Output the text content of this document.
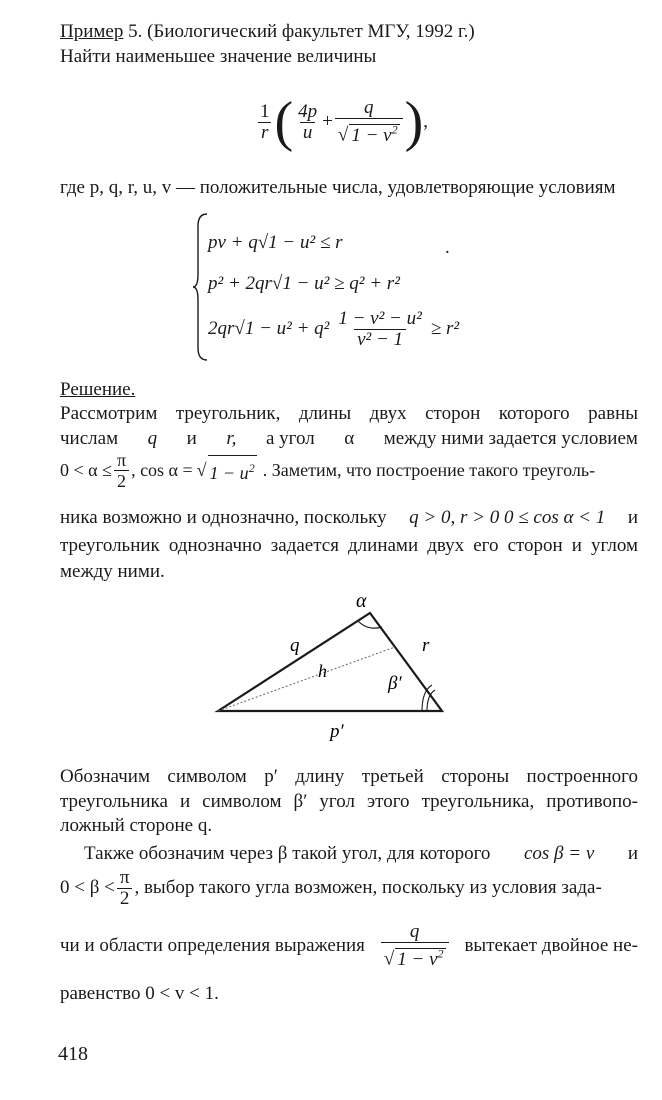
Пример 5. (Биологический факультет МГУ, 1992 г.)
Найти наименьшее значение величины
$\frac{1}{r}$ ( $\frac{4p}{u} + \frac{q}{√ 1 - v^2}$ ) ,
где p, q, r, u, v — положительные числа, удовлетворяющие условиям
pv + q√1 − u² ≤ r
p² + 2qr√1 − u² ≥ q² + r²
$2qr√1 - u^2 + q^2 \frac{\text{1 − v² − u²}}{\text{v² − 1}} \ge r^2$
.
Решение.
Рассмотрим треугольник, длины двух сторон которого равны
числам q и r, а угол α между ними задается условием
$0 < \alpha \le \frac{\pi}{2}$ , cos α = √ $1 - u^2$ . Заметим, что построение такого треуголь-
ника возможно и однозначно, поскольку q > 0, r > 0 0 ≤ cos α < 1 и
треугольник однозначно задается длинами двух его сторон и углом
между ними.
α
q	r
h
β′
p′
Обозначим символом p′ длину третьей стороны построенного
треугольника и символом β′ угол этого треугольника, противопо-
ложный стороне q.
Также обозначим через β такой угол, для которого cos β = v и
$0 < \beta < \frac{\pi}{2}$ , выбор такого угла возможен, поскольку из условия зада-
чи и области определения выражения $\frac{q}{√ 1 - v^2}$ вытекает двойное не-
равенство 0 < v < 1.
418
